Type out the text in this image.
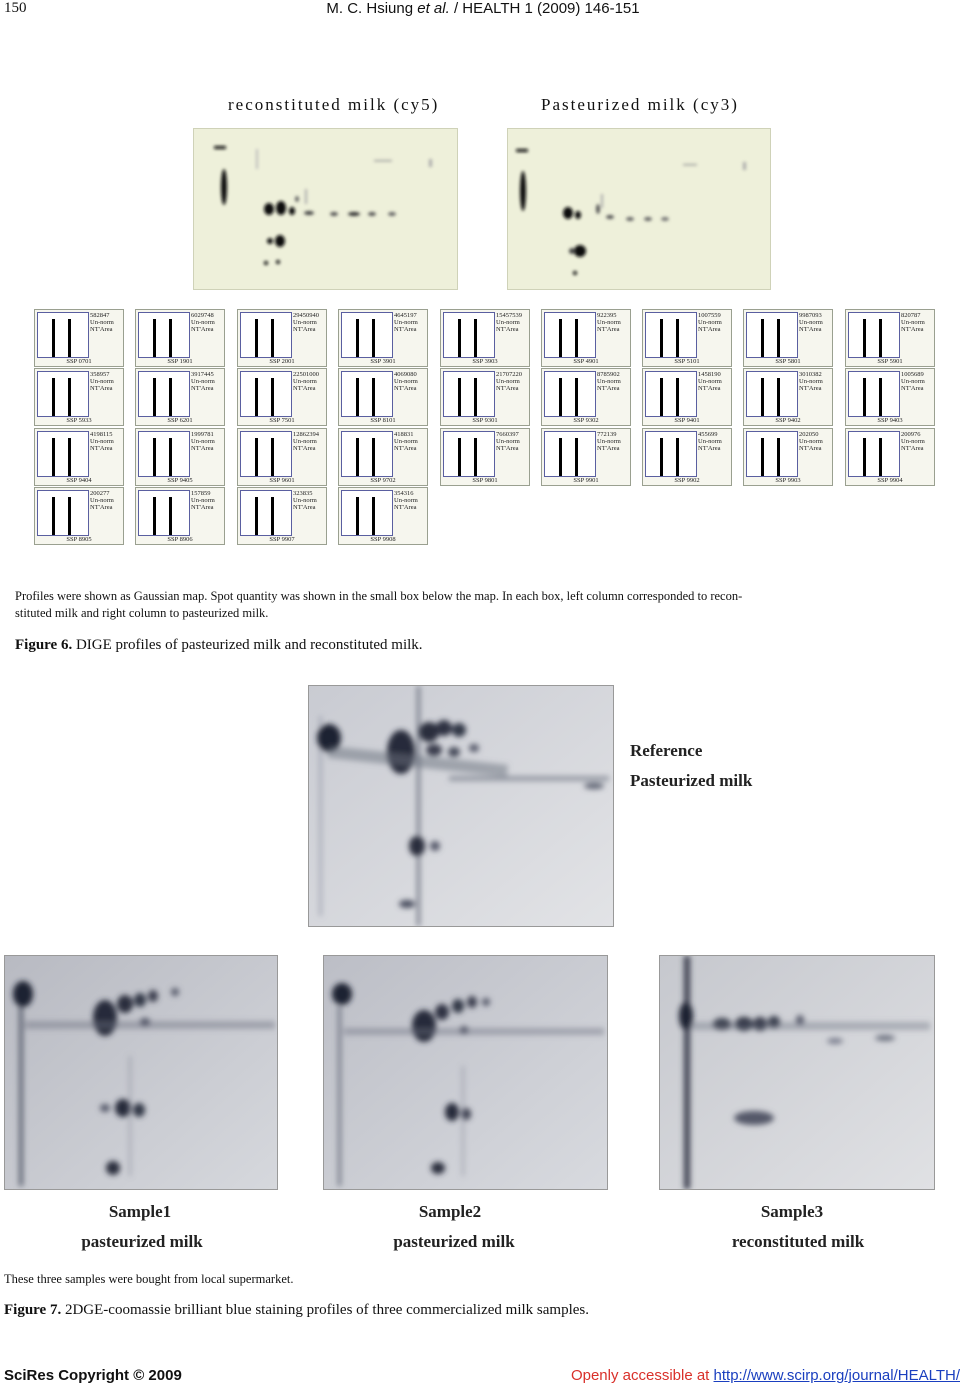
150	M. C. Hsiung et al. / HEALTH 1 (2009) 146-151
reconstituted milk (cy5)	Pasteurized milk (cy3)
582847
Un-norm
NT'Area
SSP 0701
6029748
Un-norm
NT'Area
SSP 1901
29450940
Un-norm
NT'Area
SSP 2001
4645197
Un-norm
NT'Area
SSP 3901
15457539
Un-norm
NT'Area
SSP 3903
922395
Un-norm
NT'Area
SSP 4901
1007559
Un-norm
NT'Area
SSP 5101
9987093
Un-norm
NT'Area
SSP 5801
820787
Un-norm
NT'Area
SSP 5901
358957
Un-norm
NT'Area
SSP 5933
3917445
Un-norm
NT'Area
SSP 6201
22501000
Un-norm
NT'Area
SSP 7501
4069080
Un-norm
NT'Area
SSP 8101
21707220
Un-norm
NT'Area
SSP 9301
8785902
Un-norm
NT'Area
SSP 9302
1458190
Un-norm
NT'Area
SSP 9401
3010382
Un-norm
NT'Area
SSP 9402
1005689
Un-norm
NT'Area
SSP 9403
4198115
Un-norm
NT'Area
SSP 9404
1999781
Un-norm
NT'Area
SSP 9405
12862394
Un-norm
NT'Area
SSP 9601
418831
Un-norm
NT'Area
SSP 9702
7660397
Un-norm
NT'Area
SSP 9801
772139
Un-norm
NT'Area
SSP 9901
455699
Un-norm
NT'Area
SSP 9902
202050
Un-norm
NT'Area
SSP 9903
200976
Un-norm
NT'Area
SSP 9904
200277
Un-norm
NT'Area
SSP 8905
157859
Un-norm
NT'Area
SSP 8906
323835
Un-norm
NT'Area
SSP 9907
354316
Un-norm
NT'Area
SSP 9908
Profiles were shown as Gaussian map. Spot quantity was shown in the small box below the map. In each box, left column corresponded to recon-
stituted milk and right column to pasteurized milk.
Figure 6. DIGE profiles of pasteurized milk and reconstituted milk.
Reference
Pasteurized milk
Sample1
pasteurized milk
Sample2
pasteurized milk
Sample3
reconstituted milk
These three samples were bought from local supermarket.
Figure 7. 2DGE-coomassie brilliant blue staining profiles of three commercialized milk samples.
SciRes Copyright © 2009	Openly accessible at http://www.scirp.org/journal/HEALTH/
